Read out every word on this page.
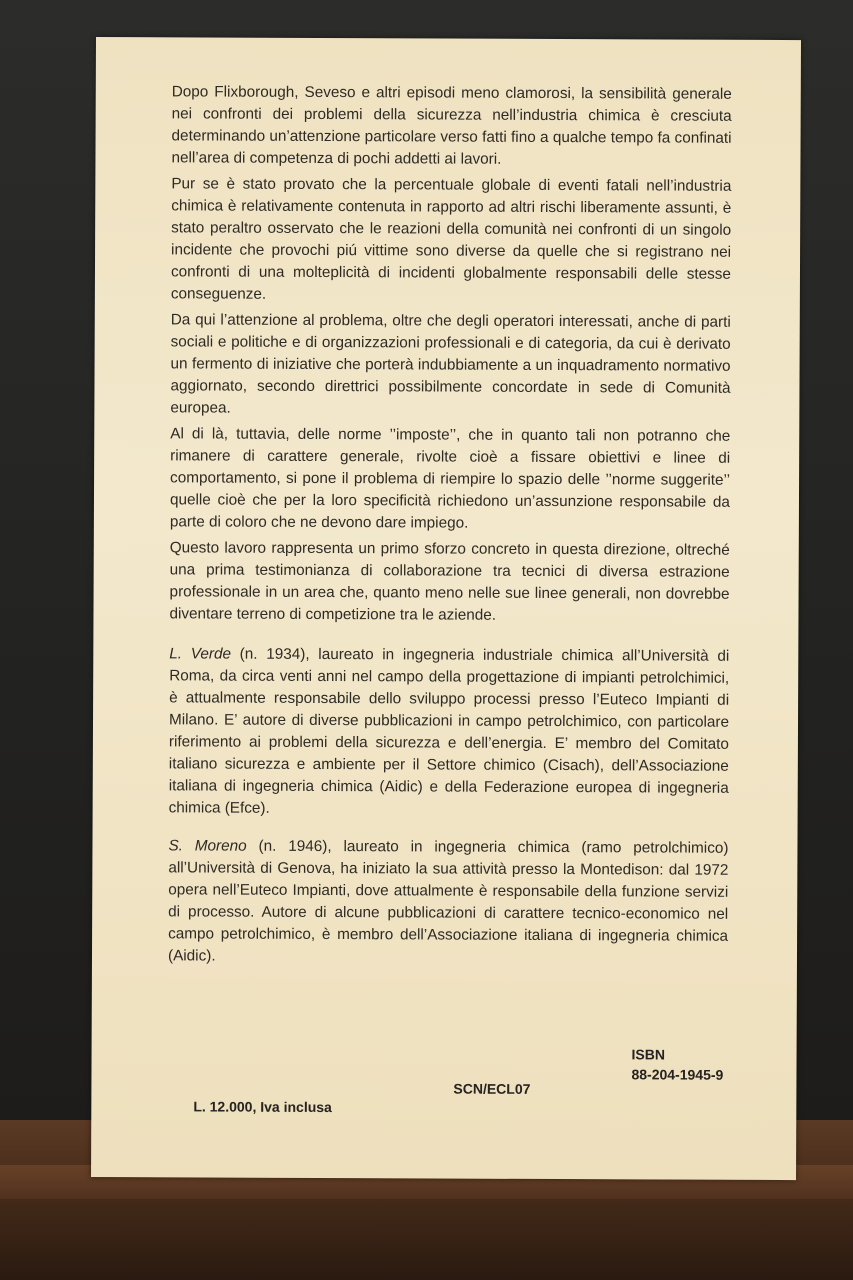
Dopo Flixborough, Seveso e altri episodi meno clamorosi, la sensibilità generale nei confronti dei problemi della sicurezza nell’industria chimica è cresciuta determinando un’attenzione particolare verso fatti fino a qualche tempo fa confinati nell’area di competenza di pochi addetti ai lavori.

Pur se è stato provato che la percentuale globale di eventi fatali nell’industria chimica è relativamente contenuta in rapporto ad altri rischi liberamente assunti, è stato peraltro osservato che le reazioni della comunità nei confronti di un singolo incidente che provochi piú vittime sono diverse da quelle che si registrano nei confronti di una molteplicità di incidenti globalmente responsabili delle stesse conseguenze.

Da qui l’attenzione al problema, oltre che degli operatori interessati, anche di parti sociali e politiche e di organizzazioni professionali e di categoria, da cui è derivato un fermento di iniziative che porterà indubbiamente a un inquadramento normativo aggiornato, secondo direttrici possibilmente concordate in sede di Comunità europea.

Al di là, tuttavia, delle norme ’’imposte’’, che in quanto tali non potranno che rimanere di carattere generale, rivolte cioè a fissare obiettivi e linee di comportamento, si pone il problema di riempire lo spazio delle ’’norme suggerite’’ quelle cioè che per la loro specificità richiedono un’assunzione responsabile da parte di coloro che ne devono dare impiego.

Questo lavoro rappresenta un primo sforzo concreto in questa direzione, oltreché una prima testimonianza di collaborazione tra tecnici di diversa estrazione professionale in un area che, quanto meno nelle sue linee generali, non dovrebbe diventare terreno di competizione tra le aziende.

L. Verde (n. 1934), laureato in ingegneria industriale chimica all’Università di Roma, da circa venti anni nel campo della progettazione di impianti petrolchimici, è attualmente responsabile dello sviluppo processi presso l’Euteco Impianti di Milano. E’ autore di diverse pubblicazioni in campo petrolchimico, con particolare riferimento ai problemi della sicurezza e dell’energia. E’ membro del Comitato italiano sicurezza e ambiente per il Settore chimico (Cisach), dell’Associazione italiana di ingegneria chimica (Aidic) e della Federazione europea di ingegneria chimica (Efce).

S. Moreno (n. 1946), laureato in ingegneria chimica (ramo petrolchimico) all’Università di Genova, ha iniziato la sua attività presso la Montedison: dal 1972 opera nell’Euteco Impianti, dove attualmente è responsabile della funzione servizi di processo. Autore di alcune pubblicazioni di carattere tecnico-economico nel campo petrolchimico, è membro dell’Associazione italiana di ingegneria chimica (Aidic).

ISBN
88-204-1945-9
SCN/ECL07
L. 12.000, Iva inclusa
